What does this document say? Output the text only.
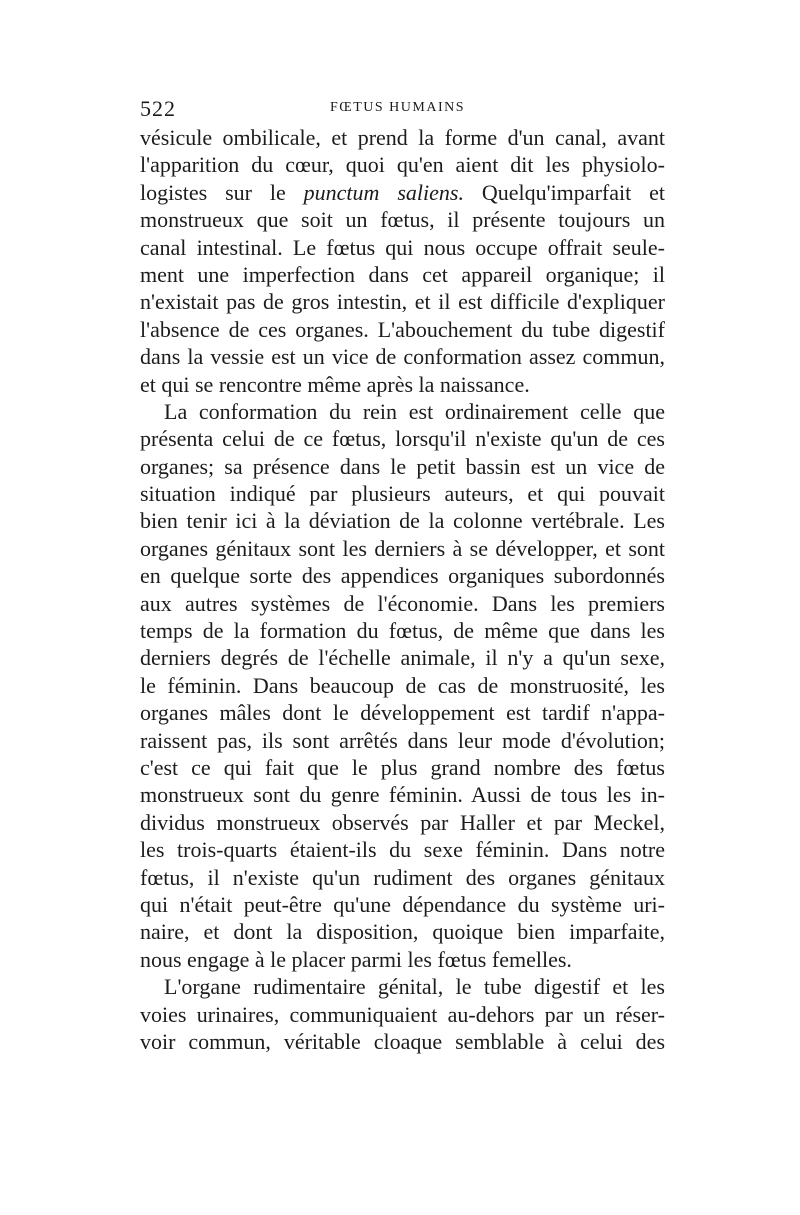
522	FŒTUS HUMAINS
vésicule ombilicale, et prend la forme d'un canal, avant
l'apparition du cœur, quoi qu'en aient dit les physiolo-
logistes sur le punctum saliens. Quelqu'imparfait et
monstrueux que soit un fœtus, il présente toujours un
canal intestinal. Le fœtus qui nous occupe offrait seule-
ment une imperfection dans cet appareil organique; il
n'existait pas de gros intestin, et il est difficile d'expliquer
l'absence de ces organes. L'abouchement du tube digestif
dans la vessie est un vice de conformation assez commun,
et qui se rencontre même après la naissance.
La conformation du rein est ordinairement celle que
présenta celui de ce fœtus, lorsqu'il n'existe qu'un de ces
organes; sa présence dans le petit bassin est un vice de
situation indiqué par plusieurs auteurs, et qui pouvait
bien tenir ici à la déviation de la colonne vertébrale. Les
organes génitaux sont les derniers à se développer, et sont
en quelque sorte des appendices organiques subordonnés
aux autres systèmes de l'économie. Dans les premiers
temps de la formation du fœtus, de même que dans les
derniers degrés de l'échelle animale, il n'y a qu'un sexe,
le féminin. Dans beaucoup de cas de monstruosité, les
organes mâles dont le développement est tardif n'appa-
raissent pas, ils sont arrêtés dans leur mode d'évolution;
c'est ce qui fait que le plus grand nombre des fœtus
monstrueux sont du genre féminin. Aussi de tous les in-
dividus monstrueux observés par Haller et par Meckel,
les trois-quarts étaient-ils du sexe féminin. Dans notre
fœtus, il n'existe qu'un rudiment des organes génitaux
qui n'était peut-être qu'une dépendance du système uri-
naire, et dont la disposition, quoique bien imparfaite,
nous engage à le placer parmi les fœtus femelles.
L'organe rudimentaire génital, le tube digestif et les
voies urinaires, communiquaient au-dehors par un réser-
voir commun, véritable cloaque semblable à celui des
